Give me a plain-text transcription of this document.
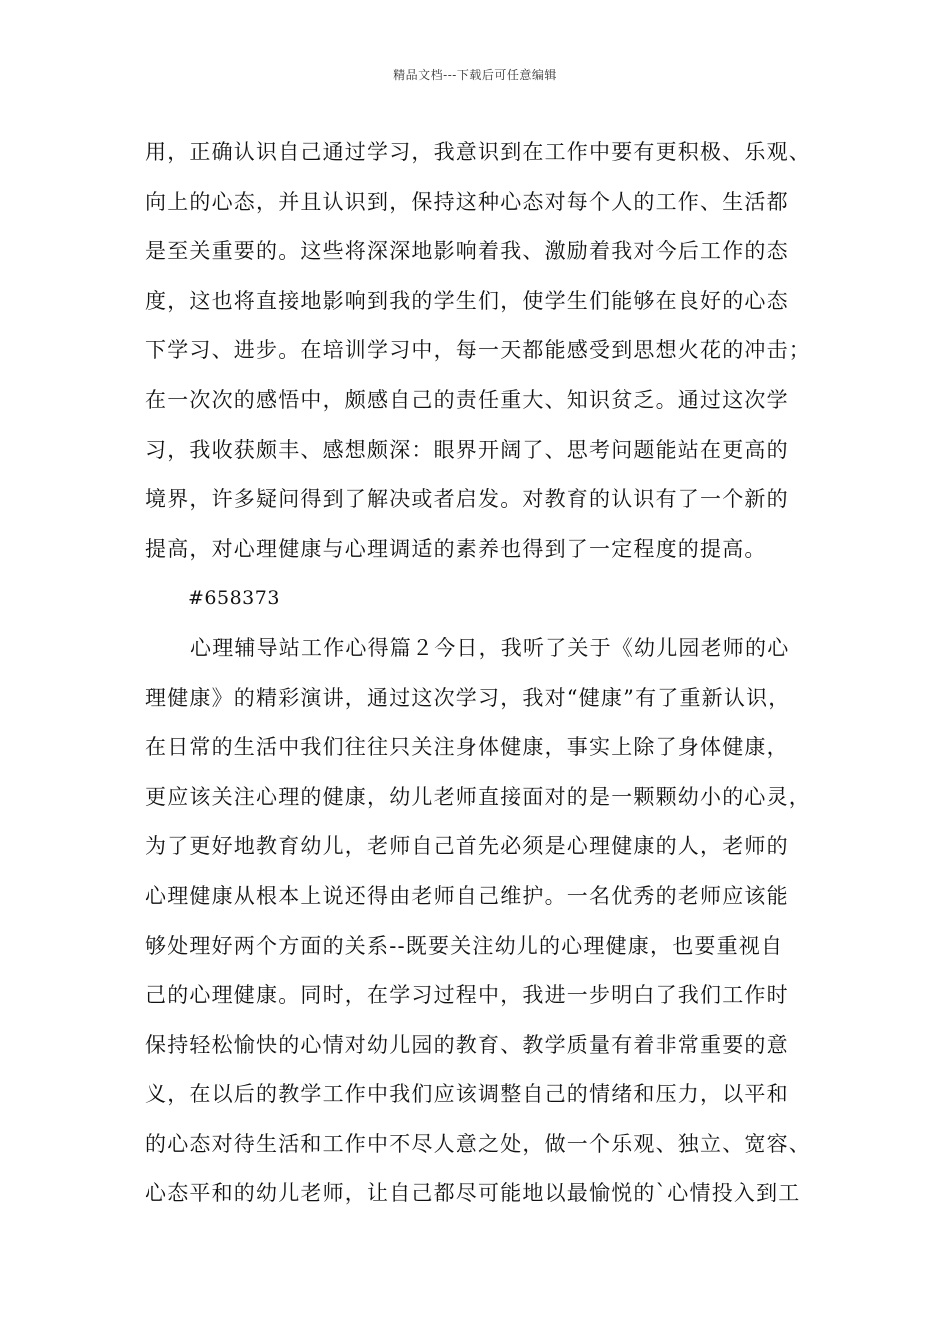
精品文档---下载后可任意编辑
用，正确认识自己通过学习，我意识到在工作中要有更积极、乐观、
向上的心态，并且认识到，保持这种心态对每个人的工作、生活都
是至关重要的。这些将深深地影响着我、激励着我对今后工作的态
度，这也将直接地影响到我的学生们，使学生们能够在良好的心态
下学习、进步。在培训学习中，每一天都能感受到思想火花的冲击；
在一次次的感悟中，颇感自己的责任重大、知识贫乏。通过这次学
习，我收获颇丰、感想颇深：眼界开阔了、思考问题能站在更高的
境界，许多疑问得到了解决或者启发。对教育的认识有了一个新的
提高，对心理健康与心理调适的素养也得到了一定程度的提高。
#658373
心理辅导站工作心得篇２今日，我听了关于《幼儿园老师的心
理健康》的精彩演讲，通过这次学习，我对“健康”有了重新认识，
在日常的生活中我们往往只关注身体健康，事实上除了身体健康，
更应该关注心理的健康，幼儿老师直接面对的是一颗颗幼小的心灵，
为了更好地教育幼儿，老师自己首先必须是心理健康的人，老师的
心理健康从根本上说还得由老师自己维护。一名优秀的老师应该能
够处理好两个方面的关系--既要关注幼儿的心理健康，也要重视自
己的心理健康。同时，在学习过程中，我进一步明白了我们工作时
保持轻松愉快的心情对幼儿园的教育、教学质量有着非常重要的意
义，在以后的教学工作中我们应该调整自己的情绪和压力，以平和
的心态对待生活和工作中不尽人意之处，做一个乐观、独立、宽容、
心态平和的幼儿老师，让自己都尽可能地以最愉悦的`心情投入到工
